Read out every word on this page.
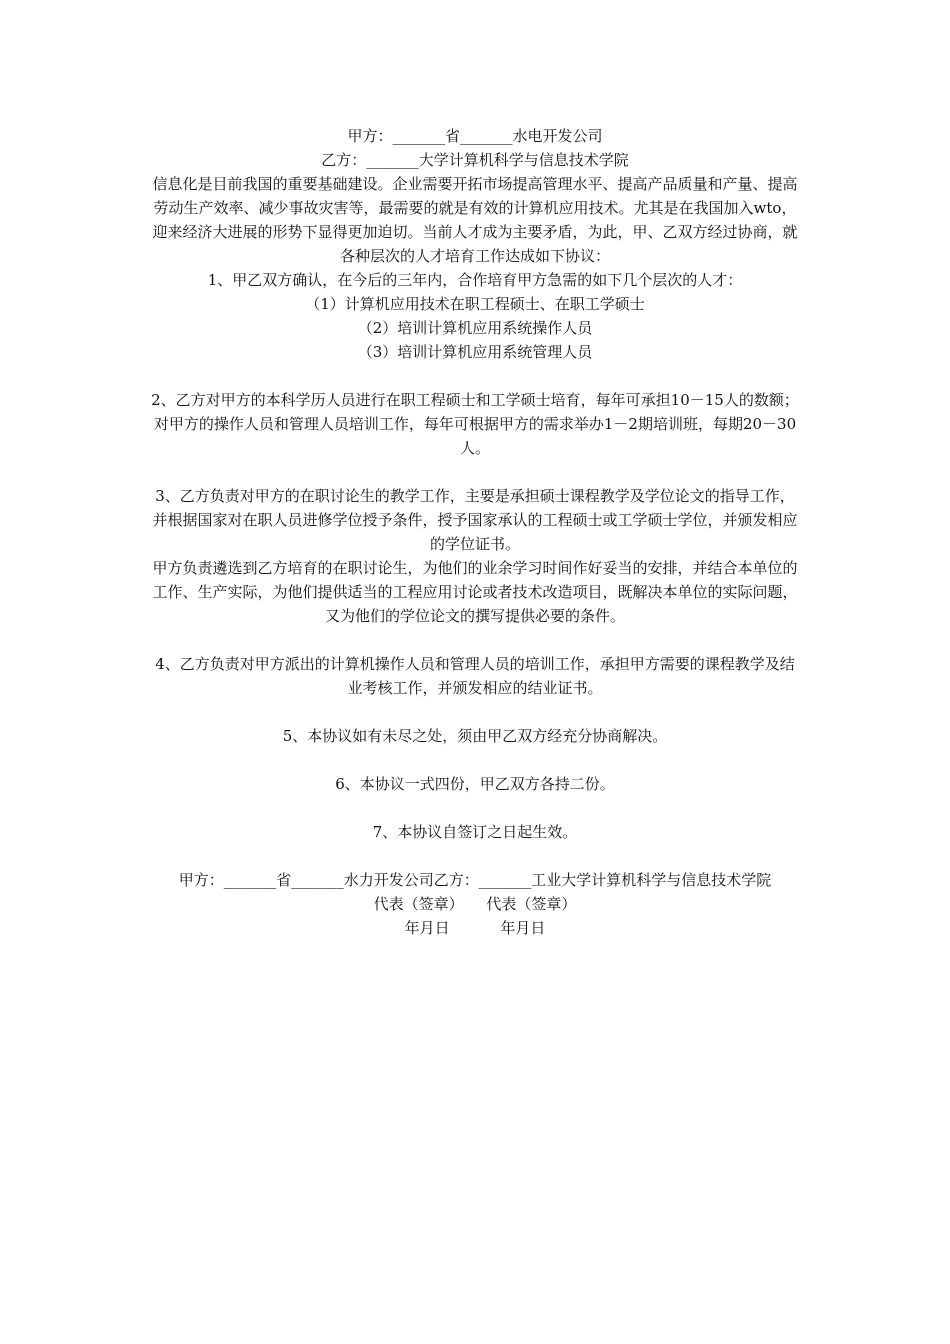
甲方：_______省_______水电开发公司
乙方：_______大学计算机科学与信息技术学院
信息化是目前我国的重要基础建设。企业需要开拓市场提高管理水平、提高产品质量和产量、提高劳动生产效率、减少事故灾害等，最需要的就是有效的计算机应用技术。尤其是在我国加入wto，迎来经济大进展的形势下显得更加迫切。当前人才成为主要矛盾，为此，甲、乙双方经过协商，就各种层次的人才培育工作达成如下协议：
1、甲乙双方确认，在今后的三年内，合作培育甲方急需的如下几个层次的人才：
（1）计算机应用技术在职工程硕士、在职工学硕士
（2）培训计算机应用系统操作人员
（3）培训计算机应用系统管理人员
2、乙方对甲方的本科学历人员进行在职工程硕士和工学硕士培育，每年可承担10－15人的数额；对甲方的操作人员和管理人员培训工作，每年可根据甲方的需求举办1－2期培训班，每期20－30人。
3、乙方负责对甲方的在职讨论生的教学工作，主要是承担硕士课程教学及学位论文的指导工作，并根据国家对在职人员进修学位授予条件，授予国家承认的工程硕士或工学硕士学位，并颁发相应的学位证书。
甲方负责遴选到乙方培育的在职讨论生，为他们的业余学习时间作好妥当的安排，并结合本单位的工作、生产实际，为他们提供适当的工程应用讨论或者技术改造项目，既解决本单位的实际问题，又为他们的学位论文的撰写提供必要的条件。
4、乙方负责对甲方派出的计算机操作人员和管理人员的培训工作，承担甲方需要的课程教学及结业考核工作，并颁发相应的结业证书。
5、本协议如有未尽之处，须由甲乙双方经充分协商解决。
6、本协议一式四份，甲乙双方各持二份。
7、本协议自签订之日起生效。
甲方：_______省_______水力开发公司乙方：_______工业大学计算机科学与信息技术学院
代表（签章） 代表（签章）
年月日	年月日
